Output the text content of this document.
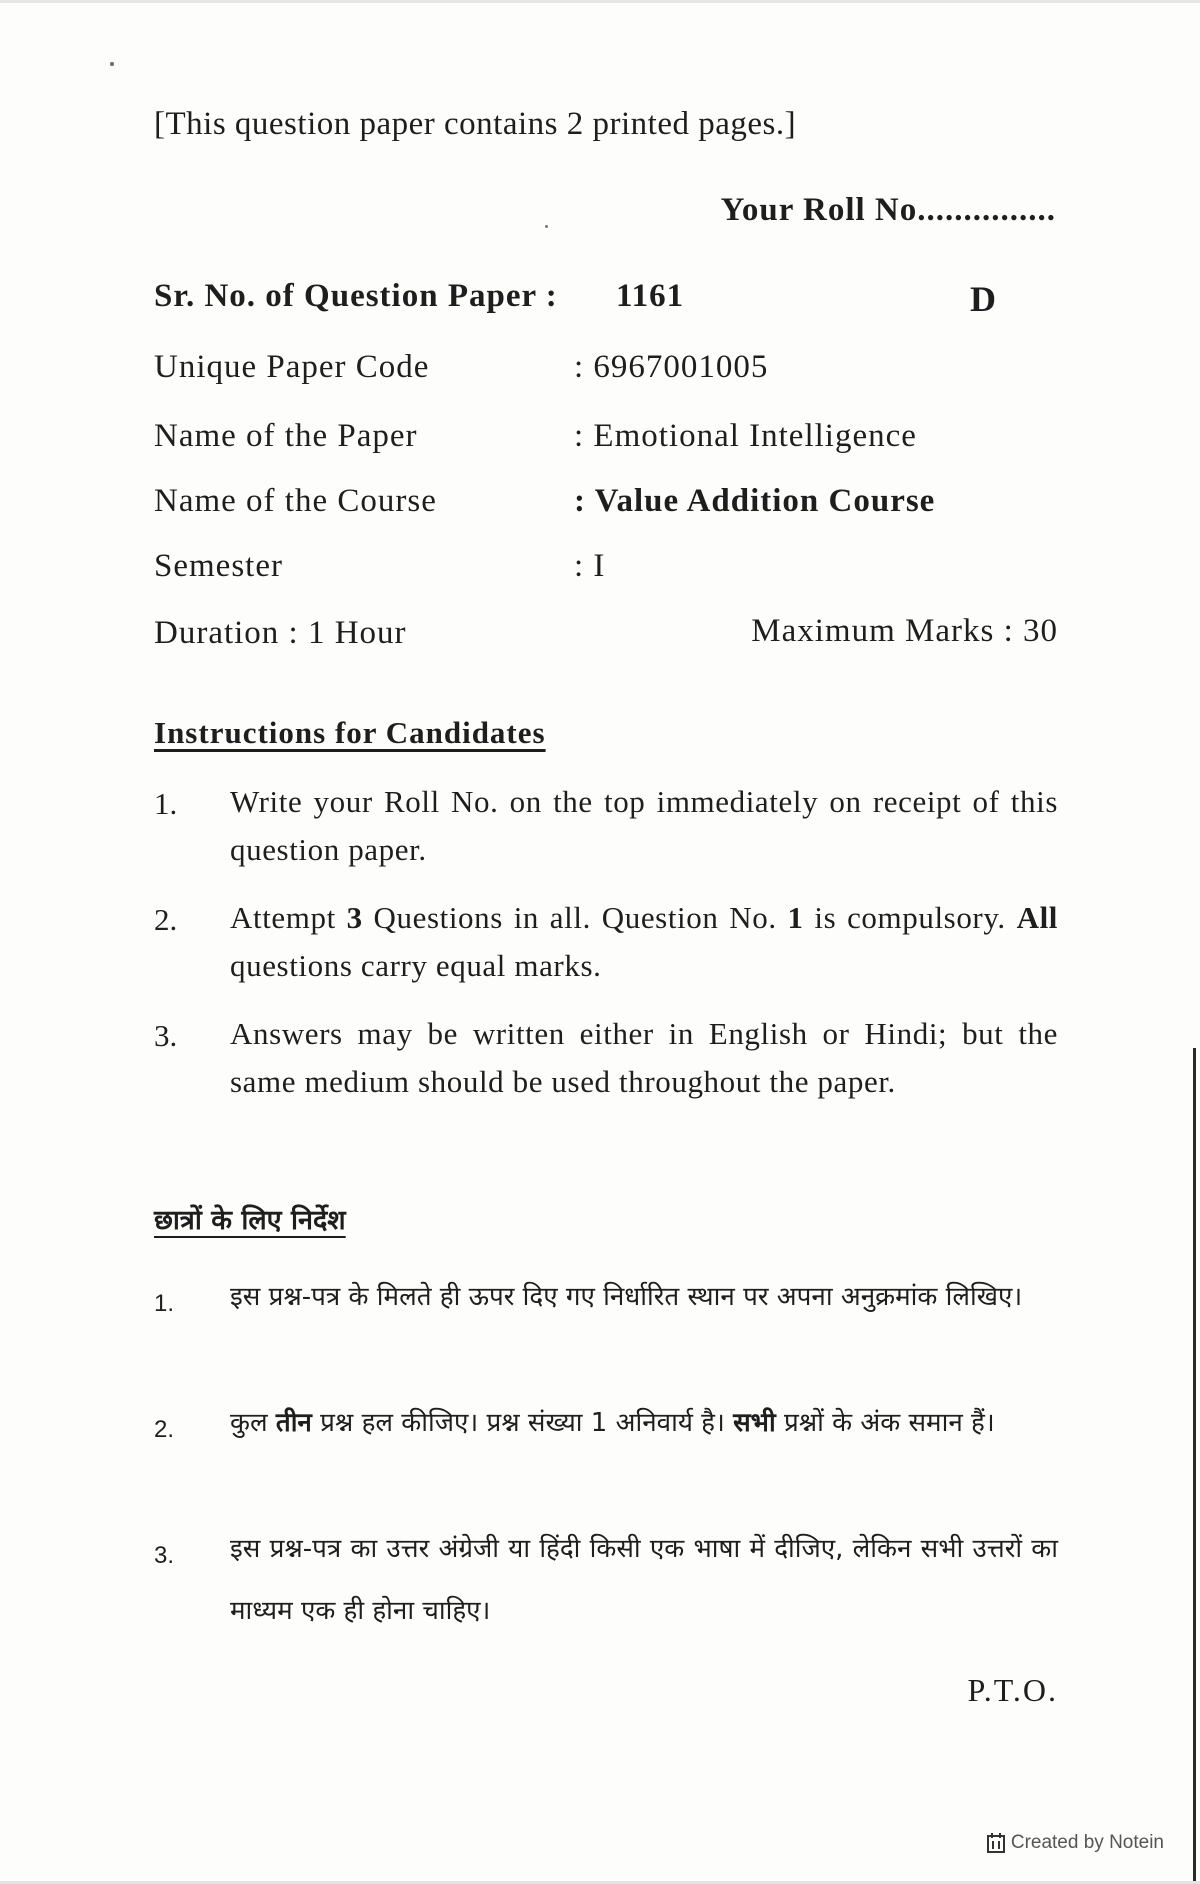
[This question paper contains 2 printed pages.]
Your Roll No...............
D
Sr. No. of Question Paper : 1161
Unique Paper Code	: 6967001005
Name of the Paper	: Emotional Intelligence
Name of the Course	: Value Addition Course
Semester	: I
Duration : 1 Hour	Maximum Marks : 30
Instructions for Candidates
1. Write your Roll No. on the top immediately on receipt of this question paper.
2. Attempt 3 Questions in all. Question No. 1 is compulsory. All questions carry equal marks.
3. Answers may be written either in English or Hindi; but the same medium should be used throughout the paper.
छात्रों के लिए निर्देश
1. इस प्रश्न-पत्र के मिलते ही ऊपर दिए गए निर्धारित स्थान पर अपना अनुक्रमांक लिखिए।
2. कुल तीन प्रश्न हल कीजिए। प्रश्न संख्या 1 अनिवार्य है। सभी प्रश्नों के अंक समान हैं।
3. इस प्रश्न-पत्र का उत्तर अंग्रेजी या हिंदी किसी एक भाषा में दीजिए, लेकिन सभी उत्तरों का माध्यम एक ही होना चाहिए।
P.T.O.
Created by Notein
